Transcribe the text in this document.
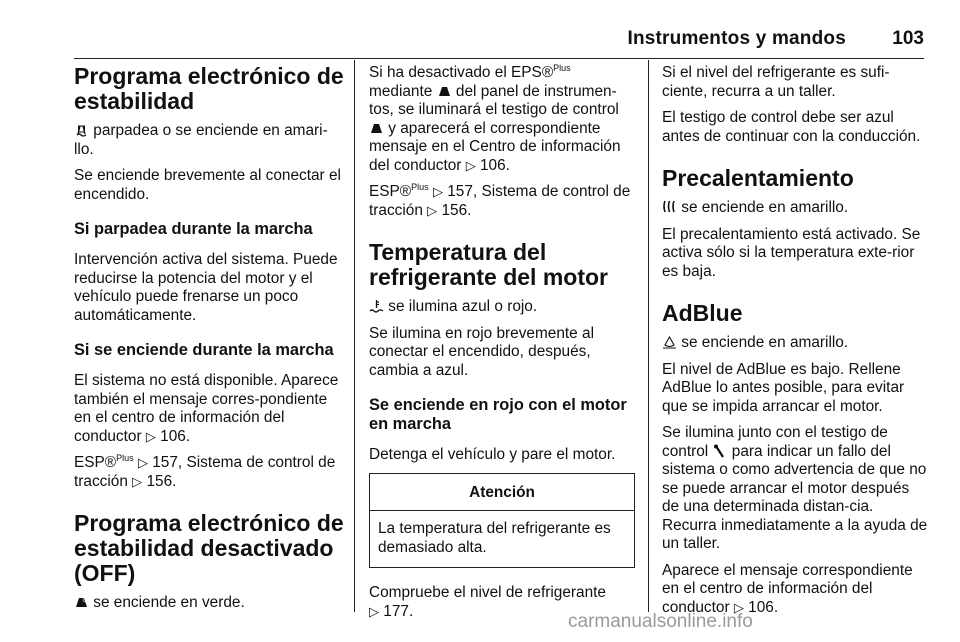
Instrumentos y mandos 103
Programa electrónico de estabilidad

parpadea o se enciende en amari-llo.

Se enciende brevemente al conectar el encendido.

Si parpadea durante la marcha

Intervención activa del sistema. Puede reducirse la potencia del motor y el vehículo puede frenarse un poco automáticamente.

Si se enciende durante la marcha

El sistema no está disponible. Aparece también el mensaje corres-pondiente en el centro de información del conductor ▷ 106.

ESP®$^{Plus}$ ▷ 157, Sistema de control de tracción ▷ 156.

Programa electrónico de estabilidad desactivado (OFF)

OFF se enciende en verde.

Si ha desactivado el EPS®$^{Plus}$ mediante del panel de instrumen-tos, se iluminará el testigo de control  y aparecerá el correspondiente mensaje en el Centro de información del conductor ▷ 106.

ESP®$^{Plus}$ ▷ 157, Sistema de control de tracción ▷ 156.

Temperatura del refrigerante del motor

se ilumina azul o rojo.

Se ilumina en rojo brevemente al conectar el encendido, después, cambia a azul.

Se enciende en rojo con el motor en marcha

Detenga el vehículo y pare el motor.

Atención
La temperatura del refrigerante es demasiado alta.

Compruebe el nivel de refrigerante
▷ 177.

Si el nivel del refrigerante es sufi-ciente, recurra a un taller.

El testigo de control debe ser azul antes de continuar con la conducción.

Precalentamiento

se enciende en amarillo.

El precalentamiento está activado. Se activa sólo si la temperatura exte-rior es baja.

AdBlue

se enciende en amarillo.

El nivel de AdBlue es bajo. Rellene AdBlue lo antes posible, para evitar que se impida arrancar el motor.

Se ilumina junto con el testigo de control para indicar un fallo del sistema o como advertencia de que no se puede arrancar el motor después de una determinada distan-cia. Recurra inmediatamente a la ayuda de un taller.

Aparece el mensaje correspondiente en el centro de información del conductor ▷ 106.

carmanualsonline.info
